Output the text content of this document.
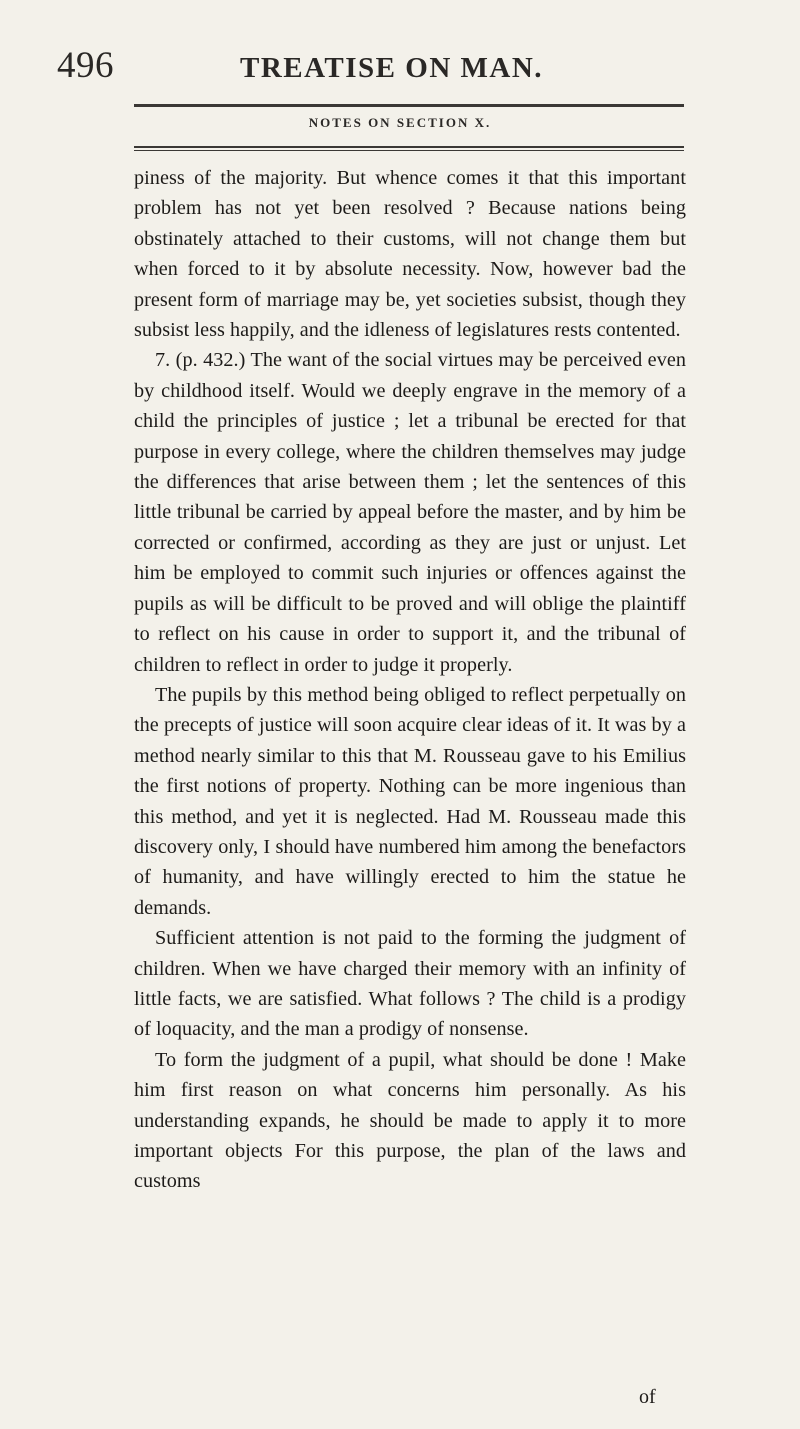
496	TREATISE ON MAN.
NOTES ON SECTION X.

piness of the majority. But whence comes it that this important problem has not yet been resolved ? Because nations being obstinately attached to their customs, will not change them but when forced to it by absolute necessity. Now, however bad the present form of marriage may be, yet societies subsist, though they subsist less happily, and the idleness of legislatures rests contented.

7. (p. 432.) The want of the social virtues may be perceived even by childhood itself. Would we deeply engrave in the memory of a child the principles of justice ; let a tribunal be erected for that purpose in every college, where the children themselves may judge the differences that arise between them ; let the sentences of this little tribunal be carried by appeal before the master, and by him be corrected or confirmed, according as they are just or unjust. Let him be employed to commit such injuries or offences against the pupils as will be difficult to be proved and will oblige the plaintiff to reflect on his cause in order to support it, and the tribunal of children to reflect in order to judge it properly.

The pupils by this method being obliged to reflect perpetually on the precepts of justice will soon acquire clear ideas of it. It was by a method nearly similar to this that M. Rousseau gave to his Emilius the first notions of property. Nothing can be more ingenious than this method, and yet it is neglected. Had M. Rousseau made this discovery only, I should have numbered him among the benefactors of humanity, and have willingly erected to him the statue he demands.

Sufficient attention is not paid to the forming the judgment of children. When we have charged their memory with an infinity of little facts, we are satisfied. What follows ? The child is a prodigy of loquacity, and the man a prodigy of nonsense.

To form the judgment of a pupil, what should be done ! Make him first reason on what concerns him personally. As his understanding expands, he should be made to apply it to more important objects For this purpose, the plan of the laws and customs

of
